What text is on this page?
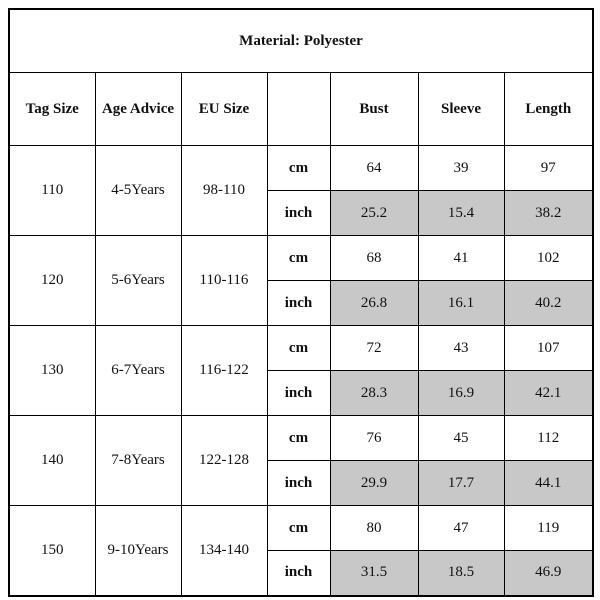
Material: Polyester						
Tag Size	Age Advice	EU Size		Bust	Sleeve	Length
110	4-5Years	98-110	cm	64	39	97
			inch	25.2	15.4	38.2
120	5-6Years	110-116	cm	68	41	102
			inch	26.8	16.1	40.2
130	6-7Years	116-122	cm	72	43	107
			inch	28.3	16.9	42.1
140	7-8Years	122-128	cm	76	45	112
			inch	29.9	17.7	44.1
150	9-10Years	134-140	cm	80	47	119
			inch	31.5	18.5	46.9
